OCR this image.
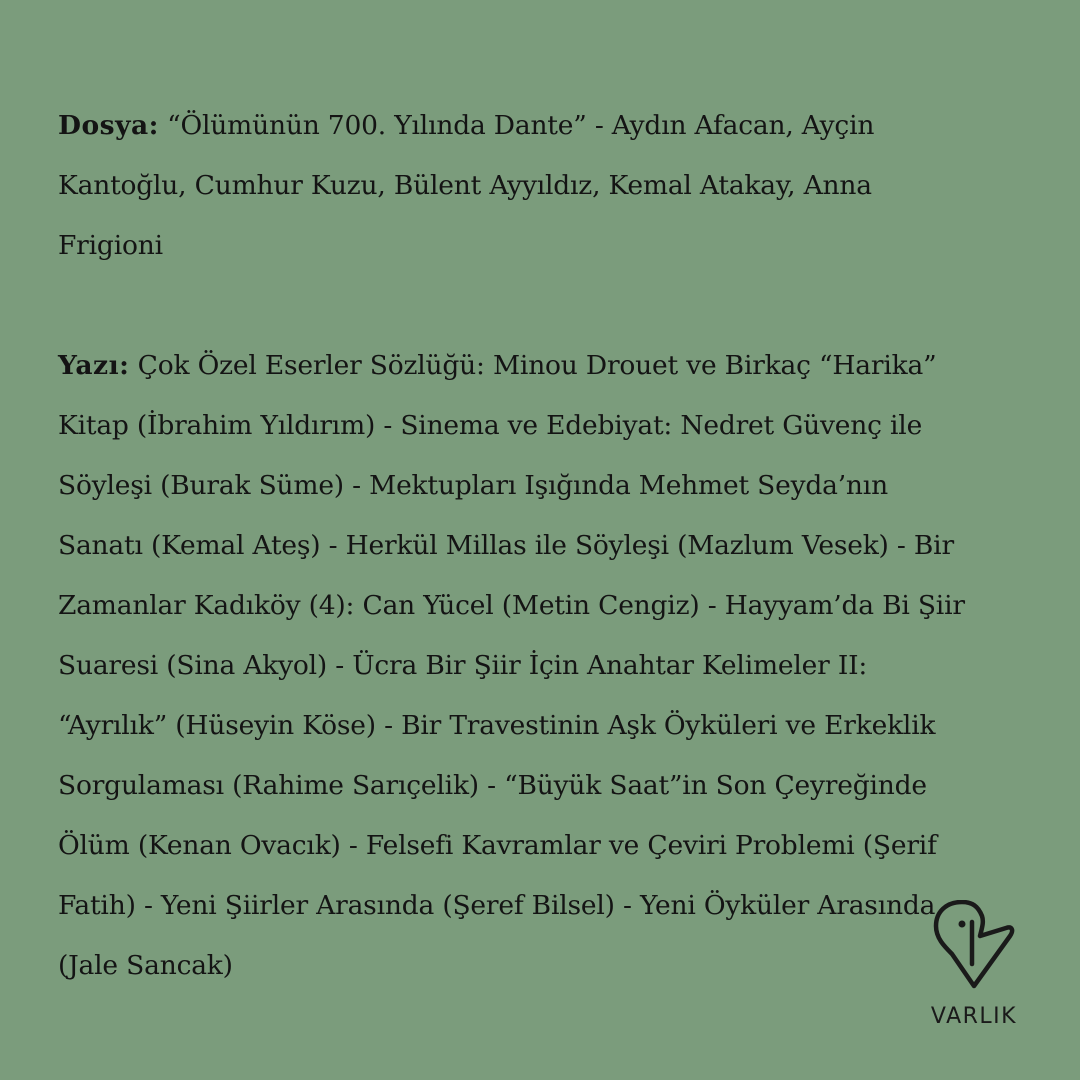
Dosya: “Ölümünün 700. Yılında Dante” - Aydın Afacan, Ayçin Kantoğlu, Cumhur Kuzu, Bülent Ayyıldız, Kemal Atakay, Anna Frigioni

Yazı: Çok Özel Eserler Sözlüğü: Minou Drouet ve Birkaç “Harika” Kitap (İbrahim Yıldırım) - Sinema ve Edebiyat: Nedret Güvenç ile Söyleşi (Burak Süme) - Mektupları Işığında Mehmet Seyda’nın Sanatı (Kemal Ateş) - Herkül Millas ile Söyleşi (Mazlum Vesek) - Bir Zamanlar Kadıköy (4): Can Yücel (Metin Cengiz) - Hayyam’da Bi Şiir Suaresi (Sina Akyol) - Ücra Bir Şiir İçin Anahtar Kelimeler II: “Ayrılık” (Hüseyin Köse) - Bir Travestinin Aşk Öyküleri ve Erkeklik Sorgulaması (Rahime Sarıçelik) - “Büyük Saat”in Son Çeyreğinde Ölüm (Kenan Ovacık) - Felsefi Kavramlar ve Çeviri Problemi (Şerif Fatih) - Yeni Şiirler Arasında (Şeref Bilsel) - Yeni Öyküler Arasında (Jale Sancak)

VARLIK
